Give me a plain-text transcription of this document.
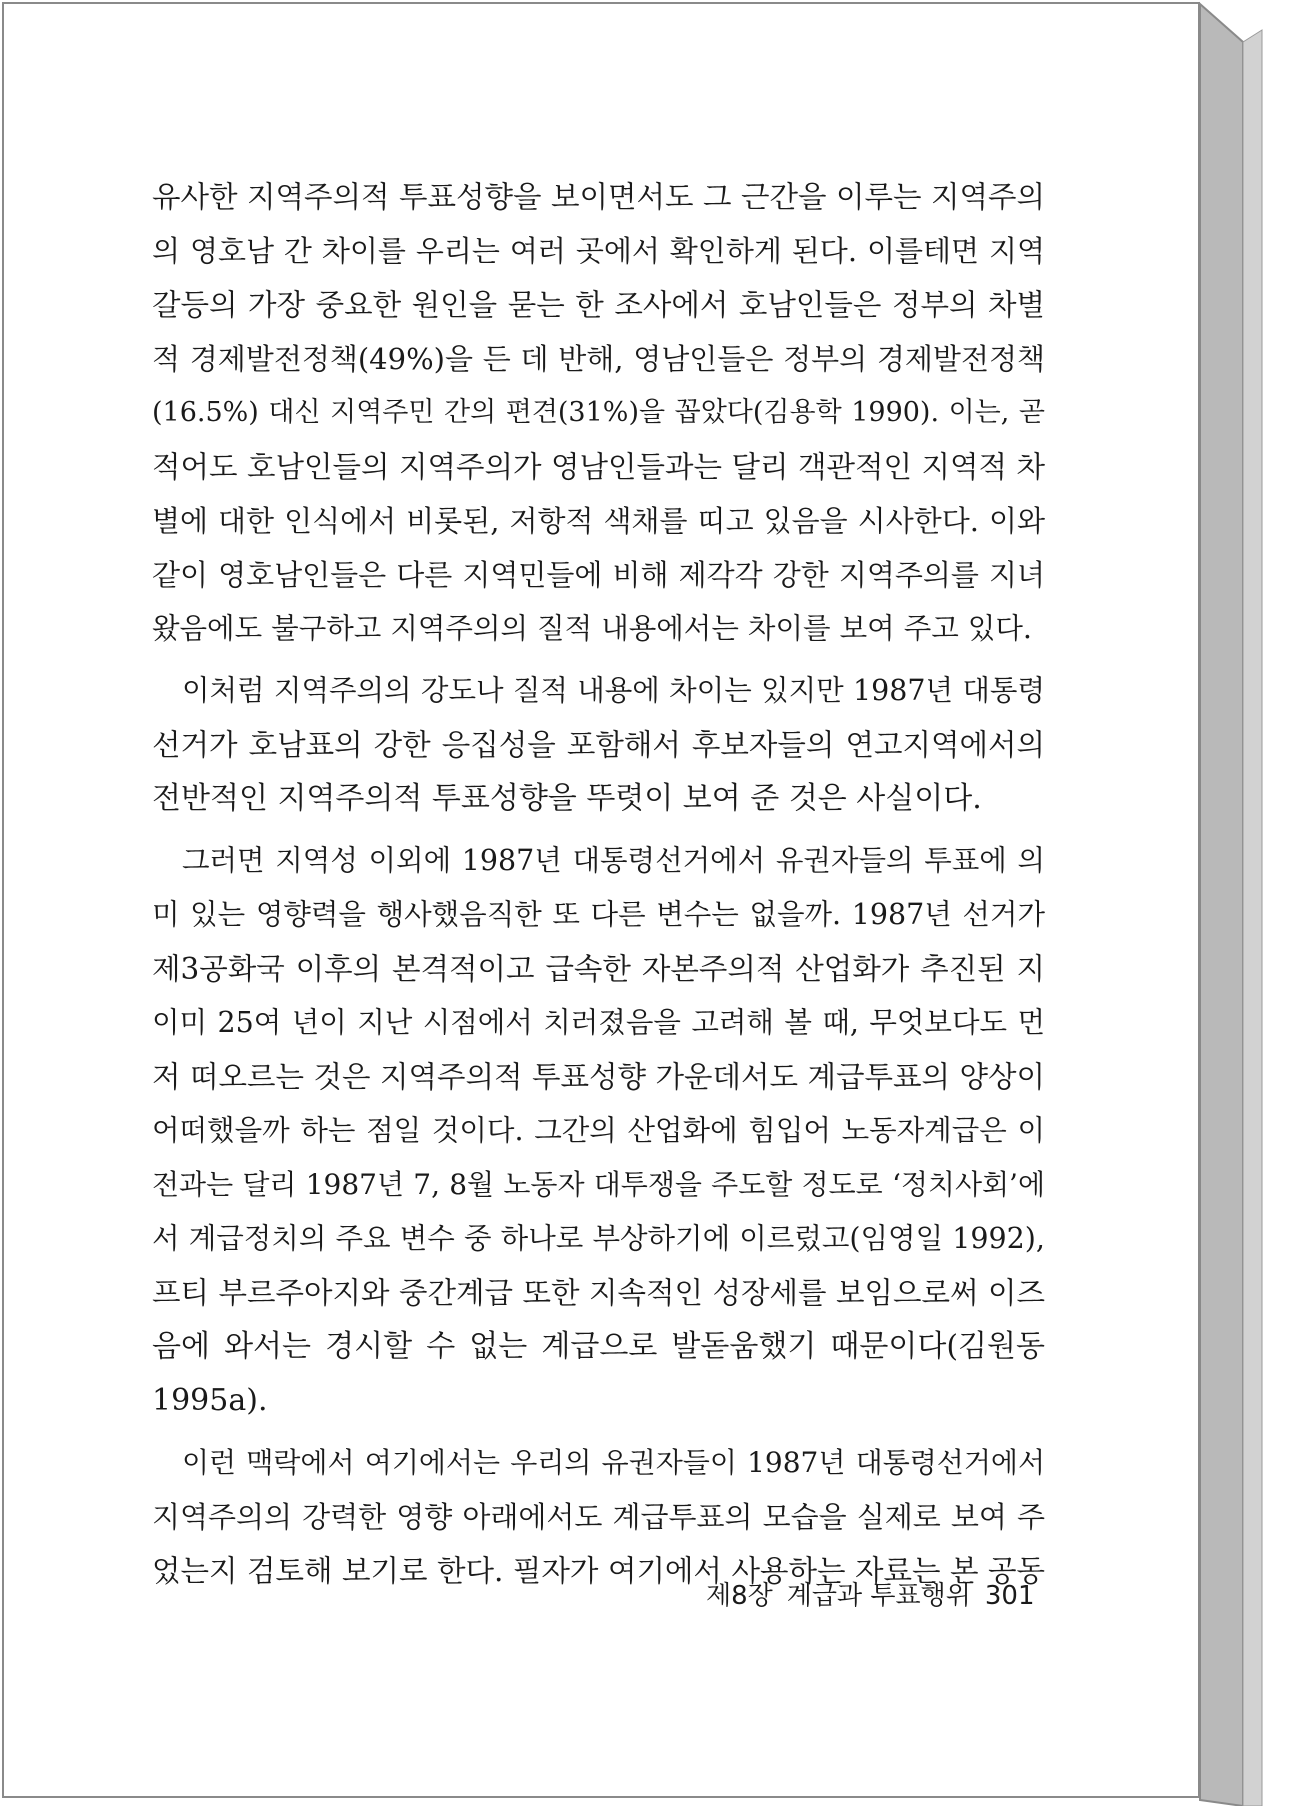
유사한 지역주의적 투표성향을 보이면서도 그 근간을 이루는 지역주의
의 영호남 간 차이를 우리는 여러 곳에서 확인하게 된다. 이를테면 지역
갈등의 가장 중요한 원인을 묻는 한 조사에서 호남인들은 정부의 차별
적 경제발전정책(49%)을 든 데 반해, 영남인들은 정부의 경제발전정책
(16.5%) 대신 지역주민 간의 편견(31%)을 꼽았다(김용학 1990). 이는, 곧
적어도 호남인들의 지역주의가 영남인들과는 달리 객관적인 지역적 차
별에 대한 인식에서 비롯된, 저항적 색채를 띠고 있음을 시사한다. 이와
같이 영호남인들은 다른 지역민들에 비해 제각각 강한 지역주의를 지녀
왔음에도 불구하고 지역주의의 질적 내용에서는 차이를 보여 주고 있다.
이처럼 지역주의의 강도나 질적 내용에 차이는 있지만 1987년 대통령
선거가 호남표의 강한 응집성을 포함해서 후보자들의 연고지역에서의
전반적인 지역주의적 투표성향을 뚜렷이 보여 준 것은 사실이다.
그러면 지역성 이외에 1987년 대통령선거에서 유권자들의 투표에 의
미 있는 영향력을 행사했음직한 또 다른 변수는 없을까. 1987년 선거가
제3공화국 이후의 본격적이고 급속한 자본주의적 산업화가 추진된 지
이미 25여 년이 지난 시점에서 치러졌음을 고려해 볼 때, 무엇보다도 먼
저 떠오르는 것은 지역주의적 투표성향 가운데서도 계급투표의 양상이
어떠했을까 하는 점일 것이다. 그간의 산업화에 힘입어 노동자계급은 이
전과는 달리 1987년 7, 8월 노동자 대투쟁을 주도할 정도로 ‘정치사회’에
서 계급정치의 주요 변수 중 하나로 부상하기에 이르렀고(임영일 1992),
프티 부르주아지와 중간계급 또한 지속적인 성장세를 보임으로써 이즈
음에 와서는 경시할 수 없는 계급으로 발돋움했기 때문이다(김원동
1995a).
이런 맥락에서 여기에서는 우리의 유권자들이 1987년 대통령선거에서
지역주의의 강력한 영향 아래에서도 계급투표의 모습을 실제로 보여 주
었는지 검토해 보기로 한다. 필자가 여기에서 사용하는 자료는 본 공동
제8장 계급과 투표행위 301
